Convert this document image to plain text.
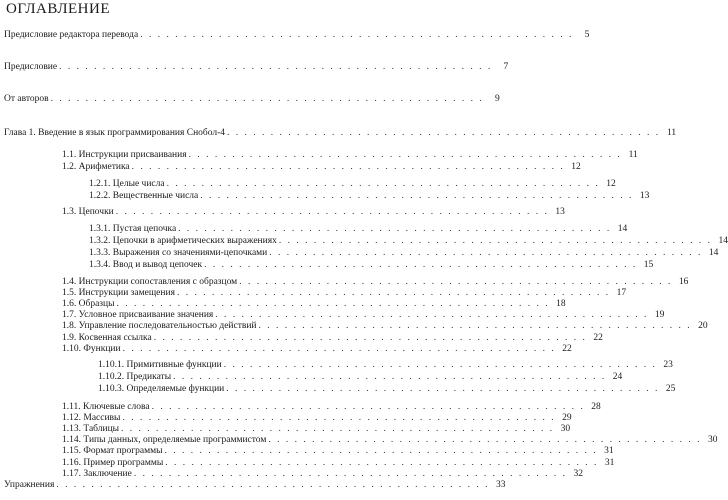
ОГЛАВЛЕНИЕ
Предисловие редактора перевода . . . . . . . . . . . . . . . . . . . . . . . . . . . . . . . . . . . . . . . . . . . . . . . . . .	5
Предисловие . . . . . . . . . . . . . . . . . . . . . . . . . . . . . . . . . . . . . . . . . . . . . . . . . .	7
От авторов . . . . . . . . . . . . . . . . . . . . . . . . . . . . . . . . . . . . . . . . . . . . . . . . . .	9
Глава 1. Введение в язык программирования Снобол-4 . . . . . . . . . . . . . . . . . . . . . . . . . . . . . . . . . . . . . . . . . . . . . . . . . . 11
1.1. Инструкции присваивания . . . . . . . . . . . . . . . . . . . . . . . . . . . . . . . . . . . . . . . . . . . . . . . . . . 11
1.2. Арифметика . . . . . . . . . . . . . . . . . . . . . . . . . . . . . . . . . . . . . . . . . . . . . . . . . . 12
1.2.1. Целые числа . . . . . . . . . . . . . . . . . . . . . . . . . . . . . . . . . . . . . . . . . . . . . . . . . . 12
1.2.2. Вещественные числа . . . . . . . . . . . . . . . . . . . . . . . . . . . . . . . . . . . . . . . . . . . . . . . . . . 13
1.3. Цепочки . . . . . . . . . . . . . . . . . . . . . . . . . . . . . . . . . . . . . . . . . . . . . . . . . . 13
1.3.1. Пустая цепочка . . . . . . . . . . . . . . . . . . . . . . . . . . . . . . . . . . . . . . . . . . . . . . . . . . 14
1.3.2. Цепочки в арифметических выражениях . . . . . . . . . . . . . . . . . . . . . . . . . . . . . . . . . . . . . . . . . . . . . . . . . . 14
1.3.3. Выражения со значениями-цепочками . . . . . . . . . . . . . . . . . . . . . . . . . . . . . . . . . . . . . . . . . . . . . . . . . . 14
1.3.4. Ввод и вывод цепочек . . . . . . . . . . . . . . . . . . . . . . . . . . . . . . . . . . . . . . . . . . . . . . . . . . 15
1.4. Инструкции сопоставления с образцом . . . . . . . . . . . . . . . . . . . . . . . . . . . . . . . . . . . . . . . . . . . . . . . . . . 16
1.5. Инструкции замещения . . . . . . . . . . . . . . . . . . . . . . . . . . . . . . . . . . . . . . . . . . . . . . . . . . 17
1.6. Образцы . . . . . . . . . . . . . . . . . . . . . . . . . . . . . . . . . . . . . . . . . . . . . . . . . . 18
1.7. Условное присваивание значения . . . . . . . . . . . . . . . . . . . . . . . . . . . . . . . . . . . . . . . . . . . . . . . . . . 19
1.8. Управление последовательностью действий . . . . . . . . . . . . . . . . . . . . . . . . . . . . . . . . . . . . . . . . . . . . . . . . . . 20
1.9. Косвенная ссылка . . . . . . . . . . . . . . . . . . . . . . . . . . . . . . . . . . . . . . . . . . . . . . . . . . 22
1.10. Функции . . . . . . . . . . . . . . . . . . . . . . . . . . . . . . . . . . . . . . . . . . . . . . . . . . 22
1.10.1. Примитивные функции . . . . . . . . . . . . . . . . . . . . . . . . . . . . . . . . . . . . . . . . . . . . . . . . . . 23
1.10.2. Предикаты . . . . . . . . . . . . . . . . . . . . . . . . . . . . . . . . . . . . . . . . . . . . . . . . . . 24
1.10.3. Определяемые функции . . . . . . . . . . . . . . . . . . . . . . . . . . . . . . . . . . . . . . . . . . . . . . . . . . 25
1.11. Ключевые слова . . . . . . . . . . . . . . . . . . . . . . . . . . . . . . . . . . . . . . . . . . . . . . . . . . 28
1.12. Массивы . . . . . . . . . . . . . . . . . . . . . . . . . . . . . . . . . . . . . . . . . . . . . . . . . . 29
1.13. Таблицы . . . . . . . . . . . . . . . . . . . . . . . . . . . . . . . . . . . . . . . . . . . . . . . . . . 30
1.14. Типы данных, определяемые программистом . . . . . . . . . . . . . . . . . . . . . . . . . . . . . . . . . . . . . . . . . . . . . . . . . . 30
1.15. Формат программы . . . . . . . . . . . . . . . . . . . . . . . . . . . . . . . . . . . . . . . . . . . . . . . . . . 31
1.16. Пример программы . . . . . . . . . . . . . . . . . . . . . . . . . . . . . . . . . . . . . . . . . . . . . . . . . . 31
1.17. Заключение . . . . . . . . . . . . . . . . . . . . . . . . . . . . . . . . . . . . . . . . . . . . . . . . . . 32
Упражнения . . . . . . . . . . . . . . . . . . . . . . . . . . . . . . . . . . . . . . . . . . . . . . . . . . 33
